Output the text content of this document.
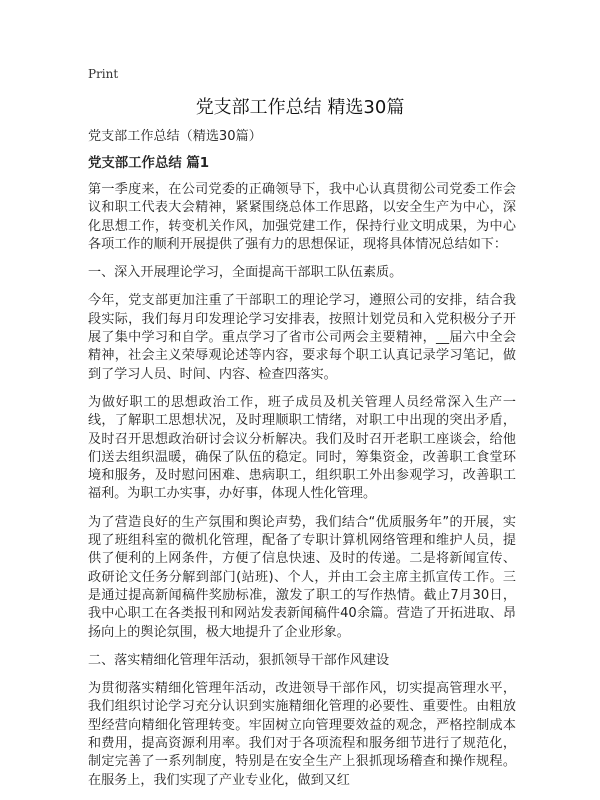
Print
党支部工作总结 精选30篇

党支部工作总结（精选30篇）

党支部工作总结 篇1

第一季度来，在公司党委的正确领导下，我中心认真贯彻公司党委工作会议和职工代表大会精神，紧紧围绕总体工作思路，以安全生产为中心，深化思想工作，转变机关作风，加强党建工作，保持行业文明成果，为中心各项工作的顺利开展提供了强有力的思想保证，现将具体情况总结如下：

一、深入开展理论学习，全面提高干部职工队伍素质。

今年，党支部更加注重了干部职工的理论学习，遵照公司的安排，结合我段实际，我们每月印发理论学习安排表，按照计划党员和入党积极分子开展了集中学习和自学。重点学习了省市公司两会主要精神，__届六中全会精神，社会主义荣辱观论述等内容，要求每个职工认真记录学习笔记，做到了学习人员、时间、内容、检查四落实。

为做好职工的思想政治工作，班子成员及机关管理人员经常深入生产一线，了解职工思想状况，及时理顺职工情绪，对职工中出现的突出矛盾，及时召开思想政治研讨会议分析解决。我们及时召开老职工座谈会，给他们送去组织温暖，确保了队伍的稳定。同时，筹集资金，改善职工食堂环境和服务，及时慰问困难、患病职工，组织职工外出参观学习，改善职工福利。为职工办实事，办好事，体现人性化管理。

为了营造良好的生产氛围和舆论声势，我们结合“优质服务年”的开展，实现了班组科室的微机化管理，配备了专职计算机网络管理和维护人员，提供了便利的上网条件，方便了信息快速、及时的传递。二是将新闻宣传、政研论文任务分解到部门(站班)、个人，并由工会主席主抓宣传工作。三是通过提高新闻稿件奖励标准，激发了职工的写作热情。截止7月30日，我中心职工在各类报刊和网站发表新闻稿件40余篇。营造了开拓进取、昂扬向上的舆论氛围，极大地提升了企业形象。

二、落实精细化管理年活动，狠抓领导干部作风建设

为贯彻落实精细化管理年活动，改进领导干部作风，切实提高管理水平，我们组织讨论学习充分认识到实施精细化管理的必要性、重要性。由粗放型经营向精细化管理转变。牢固树立向管理要效益的观念，严格控制成本和费用，提高资源利用率。我们对于各项流程和服务细节进行了规范化，制定完善了一系列制度，特别是在安全生产上狠抓现场稽查和操作规程。在服务上，我们实现了产业专业化，做到又红
